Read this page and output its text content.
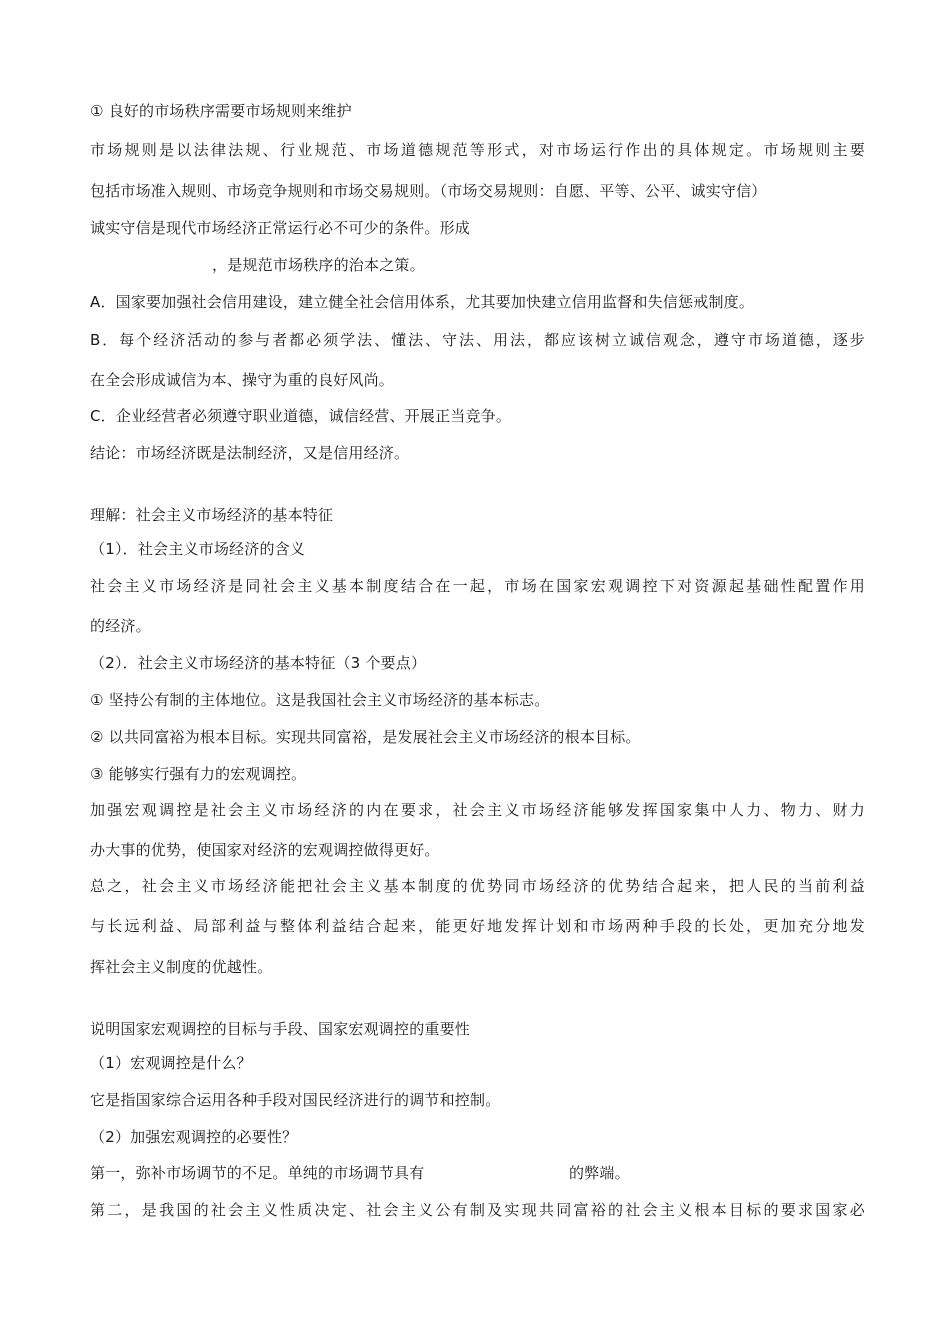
① 良好的市场秩序需要市场规则来维护
市场规则是以法律法规、行业规范、市场道德规范等形式，对市场运行作出的具体规定。市场规则主要
包括市场准入规则、市场竞争规则和市场交易规则。（市场交易规则：自愿、平等、公平、诚实守信）
诚实守信是现代市场经济正常运行必不可少的条件。形成
，是规范市场秩序的治本之策。
A．国家要加强社会信用建设，建立健全社会信用体系，尤其要加快建立信用监督和失信惩戒制度。
B．每个经济活动的参与者都必须学法、懂法、守法、用法，都应该树立诚信观念，遵守市场道德，逐步
在全会形成诚信为本、操守为重的良好风尚。
C．企业经营者必须遵守职业道德，诚信经营、开展正当竞争。
结论：市场经济既是法制经济，又是信用经济。
理解：社会主义市场经济的基本特征
（1）．社会主义市场经济的含义
社会主义市场经济是同社会主义基本制度结合在一起，市场在国家宏观调控下对资源起基础性配置作用
的经济。
（2）．社会主义市场经济的基本特征（3 个要点）
① 坚持公有制的主体地位。这是我国社会主义市场经济的基本标志。
② 以共同富裕为根本目标。实现共同富裕，是发展社会主义市场经济的根本目标。
③ 能够实行强有力的宏观调控。
加强宏观调控是社会主义市场经济的内在要求，社会主义市场经济能够发挥国家集中人力、物力、财力
办大事的优势，使国家对经济的宏观调控做得更好。
总之，社会主义市场经济能把社会主义基本制度的优势同市场经济的优势结合起来，把人民的当前利益
与长远利益、局部利益与整体利益结合起来，能更好地发挥计划和市场两种手段的长处，更加充分地发
挥社会主义制度的优越性。
说明国家宏观调控的目标与手段、国家宏观调控的重要性
（1）宏观调控是什么？
它是指国家综合运用各种手段对国民经济进行的调节和控制。
（2）加强宏观调控的必要性？
第一，弥补市场调节的不足。单纯的市场调节具有	的弊端。
第二，是我国的社会主义性质决定、社会主义公有制及实现共同富裕的社会主义根本目标的要求国家必
